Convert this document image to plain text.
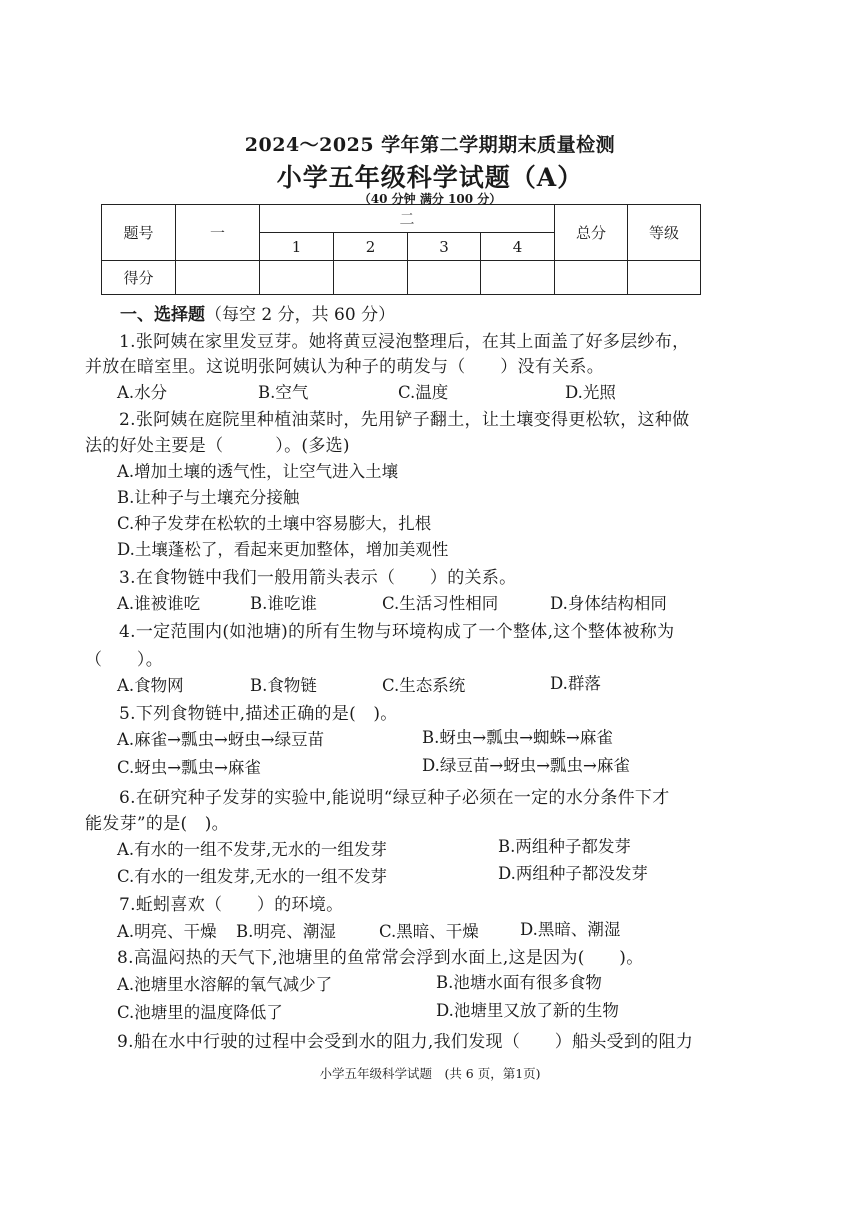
2024～2025 学年第二学期期末质量检测
小学五年级科学试题（A）
（40 分钟 满分 100 分）
题号	一	二				总分	等级
		1	2	3	4		
得分							
一、选择题（每空 2 分，共 60 分）
1.张阿姨在家里发豆芽。她将黄豆浸泡整理后，在其上面盖了好多层纱布，
并放在暗室里。这说明张阿姨认为种子的萌发与（　　）没有关系。
A.水分	B.空气	C.温度	D.光照
2.张阿姨在庭院里种植油菜时，先用铲子翻土，让土壤变得更松软，这种做
法的好处主要是（　　　）。(多选)
A.增加土壤的透气性，让空气进入土壤
B.让种子与土壤充分接触
C.种子发芽在松软的土壤中容易膨大，扎根
D.土壤蓬松了，看起来更加整体，增加美观性
3.在食物链中我们一般用箭头表示（　　）的关系。
A.谁被谁吃	B.谁吃谁	C.生活习性相同	D.身体结构相同
4.一定范围内(如池塘)的所有生物与环境构成了一个整体,这个整体被称为
（　　）。
A.食物网	B.食物链	C.生态系统	D.群落
5.下列食物链中,描述正确的是(　)。
A.麻雀→瓢虫→蚜虫→绿豆苗	B.蚜虫→瓢虫→蜘蛛→麻雀
C.蚜虫→瓢虫→麻雀	D.绿豆苗→蚜虫→瓢虫→麻雀
6.在研究种子发芽的实验中,能说明“绿豆种子必须在一定的水分条件下才
能发芽”的是(　)。
A.有水的一组不发芽,无水的一组发芽	B.两组种子都发芽
C.有水的一组发芽,无水的一组不发芽	D.两组种子都没发芽
7.蚯蚓喜欢（　　）的环境。
A.明亮、干燥 B.明亮、潮湿	C.黑暗、干燥 D.黑暗、潮湿
8.高温闷热的天气下,池塘里的鱼常常会浮到水面上,这是因为(　　)。
A.池塘里水溶解的氧气减少了	B.池塘水面有很多食物
C.池塘里的温度降低了	D.池塘里又放了新的生物
9.船在水中行驶的过程中会受到水的阻力,我们发现（　　）船头受到的阻力
小学五年级科学试题　(共 6 页，第1页)
